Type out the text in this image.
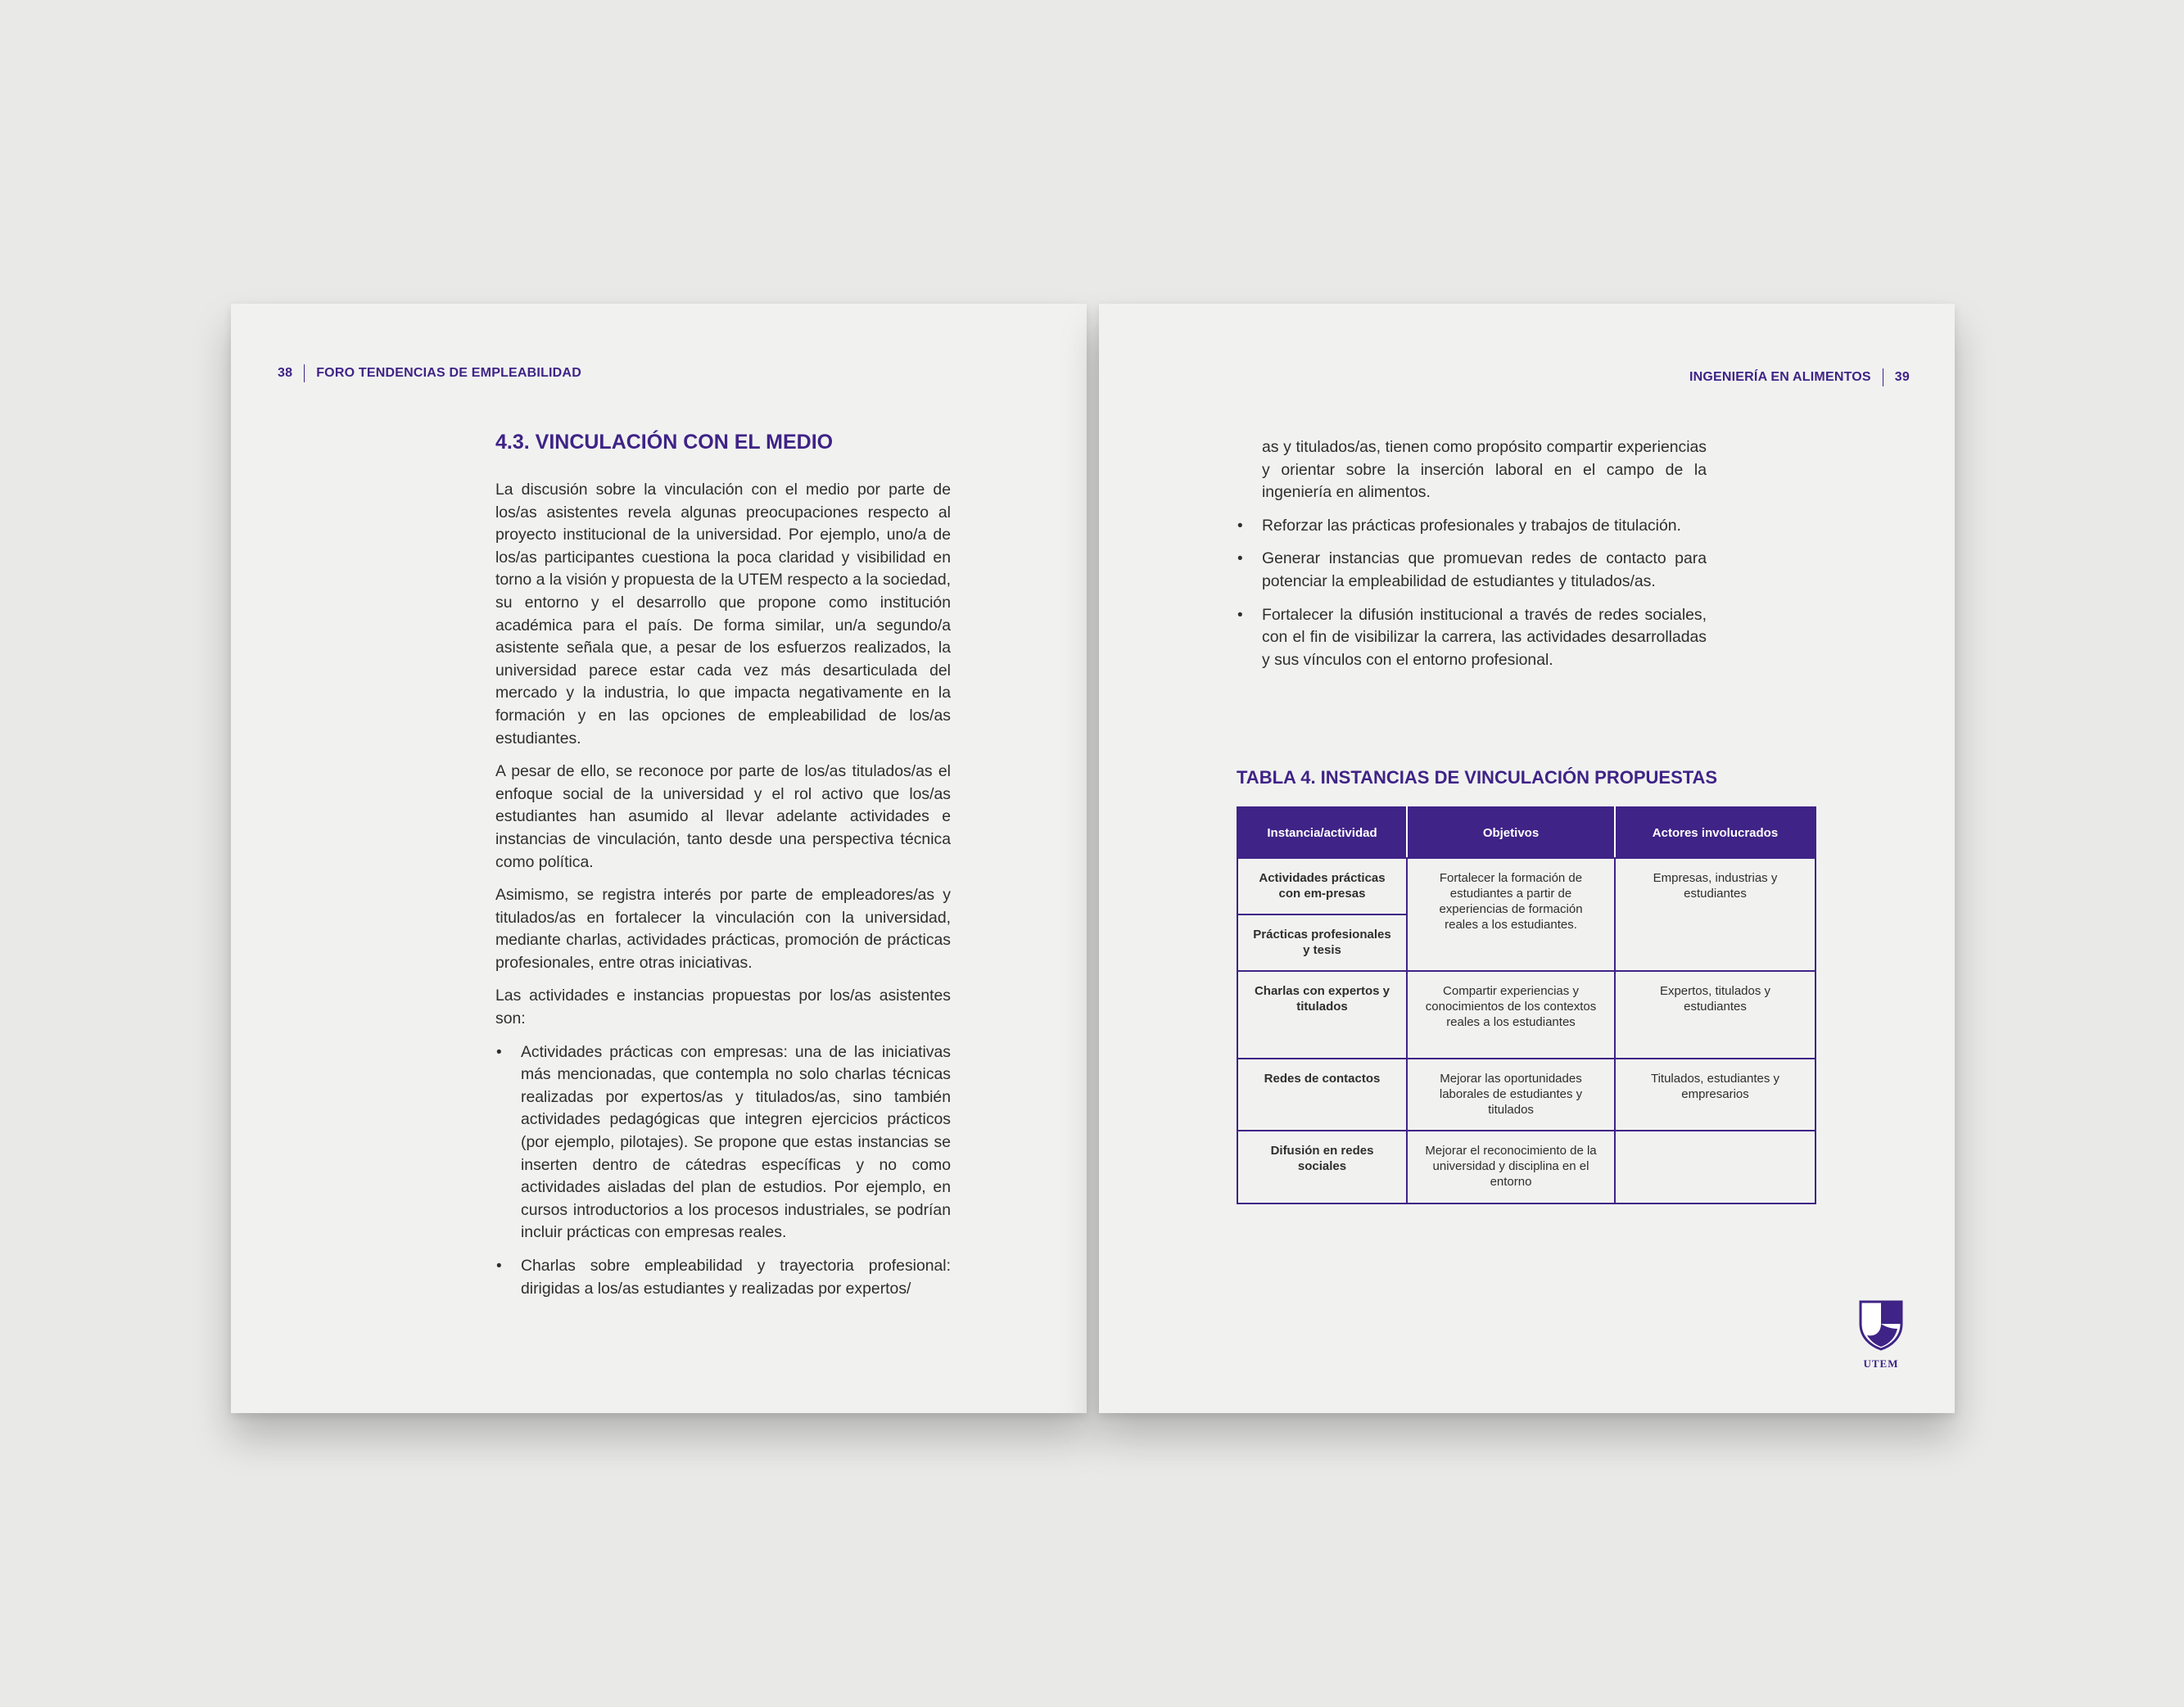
38 FORO TENDENCIAS DE EMPLEABILIDAD
4.3. VINCULACIÓN CON EL MEDIO

La discusión sobre la vinculación con el medio por parte de los/as asistentes revela algunas preocupaciones respecto al proyecto institucional de la universidad. Por ejemplo, uno/a de los/as participantes cuestiona la poca claridad y visibilidad en torno a la visión y propuesta de la UTEM respecto a la sociedad, su entorno y el desarrollo que propone como institución académica para el país. De forma similar, un/a segundo/a asistente señala que, a pesar de los esfuerzos realizados, la universidad parece estar cada vez más desarticulada del mercado y la industria, lo que impacta negativamente en la formación y en las opciones de empleabilidad de los/as estudiantes.

A pesar de ello, se reconoce por parte de los/as titulados/as el enfoque social de la universidad y el rol activo que los/as estudiantes han asumido al llevar adelante actividades e instancias de vinculación, tanto desde una perspectiva técnica como política.

Asimismo, se registra interés por parte de empleadores/as y titulados/as en fortalecer la vinculación con la universidad, mediante charlas, actividades prácticas, promoción de prácticas profesionales, entre otras iniciativas.

Las actividades e instancias propuestas por los/as asistentes son:

• Actividades prácticas con empresas: una de las iniciativas más mencionadas, que contempla no solo charlas técnicas realizadas por expertos/as y titulados/as, sino también actividades pedagógicas que integren ejercicios prácticos (por ejemplo, pilotajes). Se propone que estas instancias se inserten dentro de cátedras específicas y no como actividades aisladas del plan de estudios. Por ejemplo, en cursos introductorios a los procesos industriales, se podrían incluir prácticas con empresas reales.
• Charlas sobre empleabilidad y trayectoria profesional: dirigidas a los/as estudiantes y realizadas por expertos/
INGENIERÍA EN ALIMENTOS 39

as y titulados/as, tienen como propósito compartir experiencias y orientar sobre la inserción laboral en el campo de la ingeniería en alimentos.

• Reforzar las prácticas profesionales y trabajos de titulación.
• Generar instancias que promuevan redes de contacto para potenciar la empleabilidad de estudiantes y titulados/as.
• Fortalecer la difusión institucional a través de redes sociales, con el fin de visibilizar la carrera, las actividades desarrolladas y sus vínculos con el entorno profesional.
TABLA 4. INSTANCIAS DE VINCULACIÓN PROPUESTAS
Instancia/actividad	Objetivos	Actores involucrados
Actividades prácticas con em-presas	Fortalecer la formación de estudiantes a partir de experiencias de formación reales a los estudiantes.	Empresas, industrias y estudiantes
Prácticas profesionales y tesis		
Charlas con expertos y titulados	Compartir experiencias y conocimientos de los contextos reales a los estudiantes	Expertos, titulados y estudiantes
Redes de contactos	Mejorar las oportunidades laborales de estudiantes y titulados	Titulados, estudiantes y empresarios
Difusión en redes sociales	Mejorar el reconocimiento de la universidad y disciplina en el entorno	
UTEM
